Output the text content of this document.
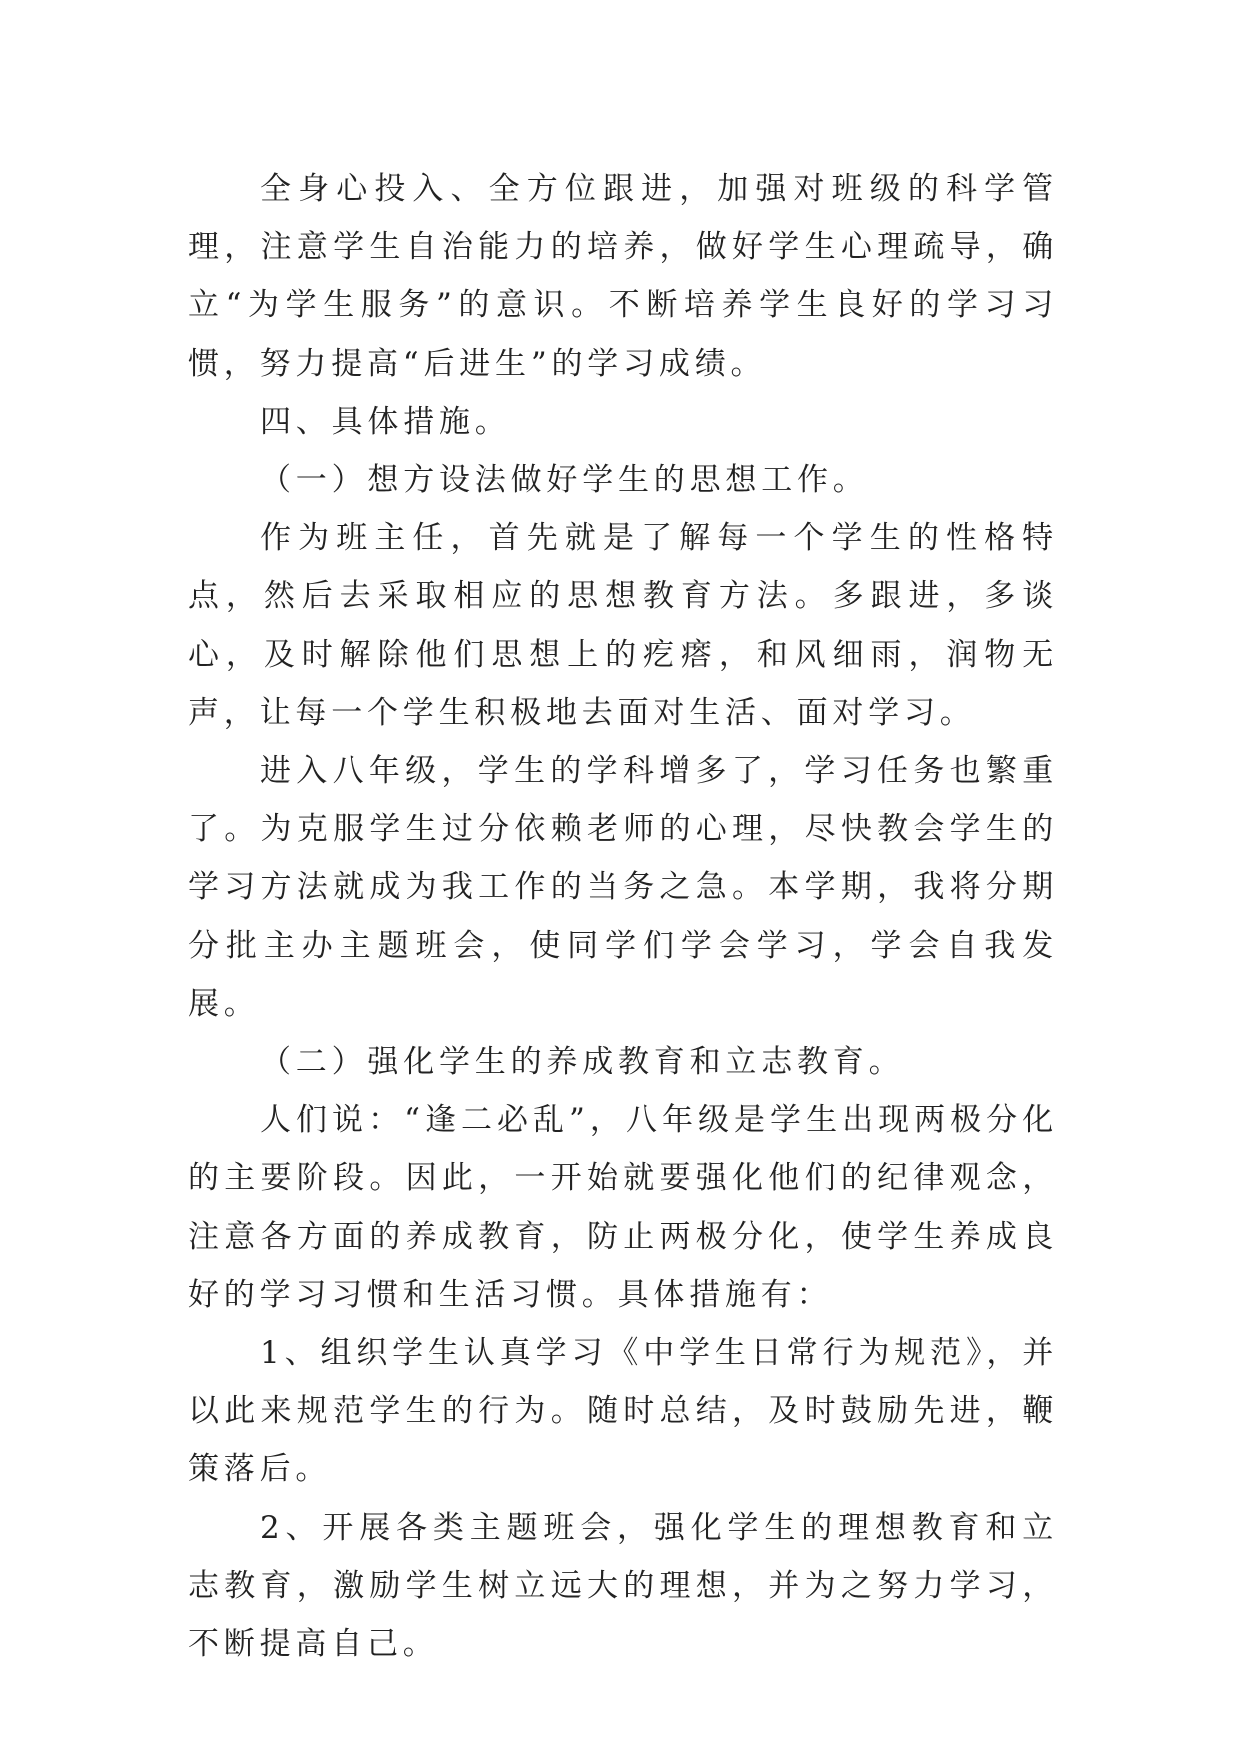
全身心投入、全方位跟进，加强对班级的科学管理，注意学生自治能力的培养，做好学生心理疏导，确立“为学生服务”的意识。不断培养学生良好的学习习惯，努力提高“后进生”的学习成绩。

四、具体措施。

（一）想方设法做好学生的思想工作。

作为班主任，首先就是了解每一个学生的性格特点，然后去采取相应的思想教育方法。多跟进，多谈心，及时解除他们思想上的疙瘩，和风细雨，润物无声，让每一个学生积极地去面对生活、面对学习。

进入八年级，学生的学科增多了，学习任务也繁重了。为克服学生过分依赖老师的心理，尽快教会学生的学习方法就成为我工作的当务之急。本学期，我将分期分批主办主题班会，使同学们学会学习，学会自我发展。

（二）强化学生的养成教育和立志教育。

人们说：“逢二必乱”，八年级是学生出现两极分化的主要阶段。因此，一开始就要强化他们的纪律观念，注意各方面的养成教育，防止两极分化，使学生养成良好的学习习惯和生活习惯。具体措施有：

1、组织学生认真学习《中学生日常行为规范》，并以此来规范学生的行为。随时总结，及时鼓励先进，鞭策落后。

2、开展各类主题班会，强化学生的理想教育和立志教育，激励学生树立远大的理想，并为之努力学习，不断提高自己。
